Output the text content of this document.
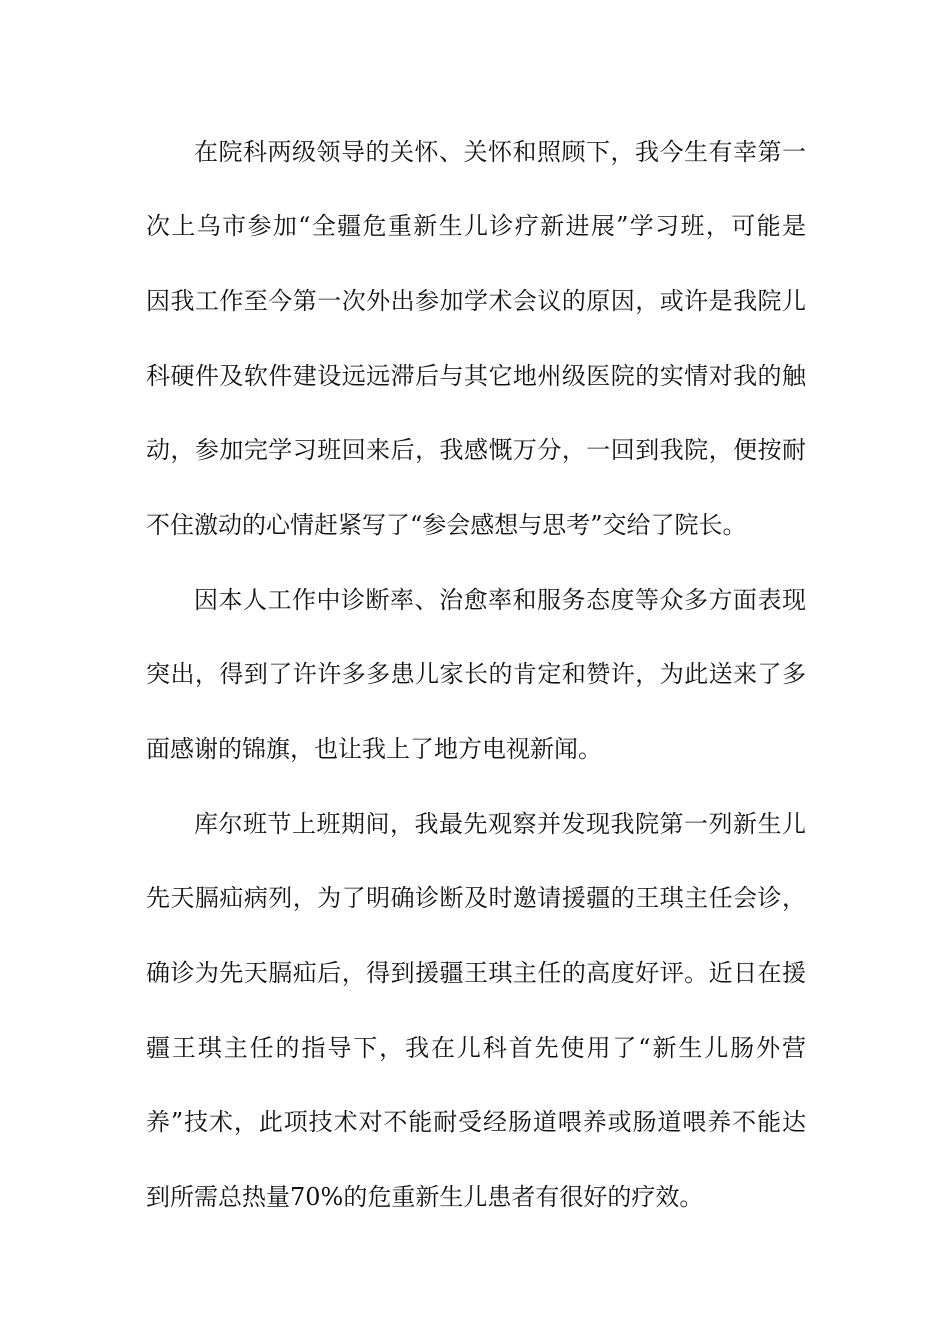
在院科两级领导的关怀、关怀和照顾下，我今生有幸第一
次上乌市参加“全疆危重新生儿诊疗新进展”学习班，可能是
因我工作至今第一次外出参加学术会议的原因，或许是我院儿
科硬件及软件建设远远滞后与其它地州级医院的实情对我的触
动，参加完学习班回来后，我感慨万分，一回到我院，便按耐
不住激动的心情赶紧写了“参会感想与思考”交给了院长。
因本人工作中诊断率、治愈率和服务态度等众多方面表现
突出，得到了许许多多患儿家长的肯定和赞许，为此送来了多
面感谢的锦旗，也让我上了地方电视新闻。
库尔班节上班期间，我最先观察并发现我院第一列新生儿
先天膈疝病列，为了明确诊断及时邀请援疆的王琪主任会诊，
确诊为先天膈疝后，得到援疆王琪主任的高度好评。近日在援
疆王琪主任的指导下，我在儿科首先使用了“新生儿肠外营
养”技术，此项技术对不能耐受经肠道喂养或肠道喂养不能达
到所需总热量70%的危重新生儿患者有很好的疗效。
